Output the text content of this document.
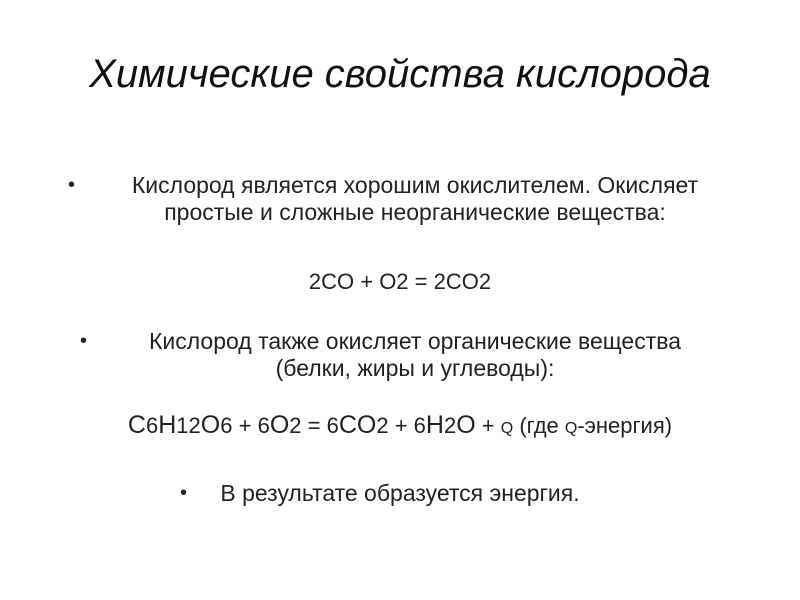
Химические свойства кислорода
•	Кислород является хорошим окислителем. Окисляет
простые и сложные неорганические вещества:
2CO + O2 = 2CO2
•	Кислород также окисляет органические вещества
(белки, жиры и углеводы):
C6H12O6 + 6O2 = 6CO2 + 6H2O + Q (где Q-энергия)
•	В результате образуется энергия.
